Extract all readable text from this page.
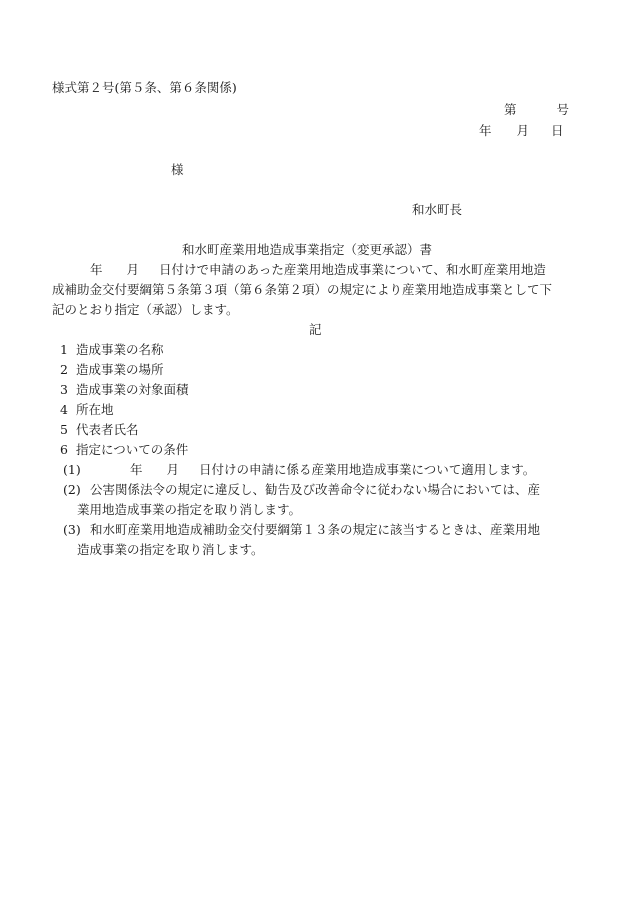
様式第２号(第５条、第６条関係)
第	号
年 月 日
様
和水町長
和水町産業用地造成事業指定（変更承認）書
年 月 日付けで申請のあった産業用地造成事業について、和水町産業用地造
成補助金交付要綱第５条第３項（第６条第２項）の規定により産業用地造成事業として下
記のとおり指定（承認）します。
記
1 造成事業の名称
2 造成事業の場所
3 造成事業の対象面積
4 所在地
5 代表者氏名
6 指定についての条件
(1)	年 月 日付けの申請に係る産業用地造成事業について適用します。
(2) 公害関係法令の規定に違反し、勧告及び改善命令に従わない場合においては、産
業用地造成事業の指定を取り消します。
(3) 和水町産業用地造成補助金交付要綱第１３条の規定に該当するときは、産業用地
造成事業の指定を取り消します。
